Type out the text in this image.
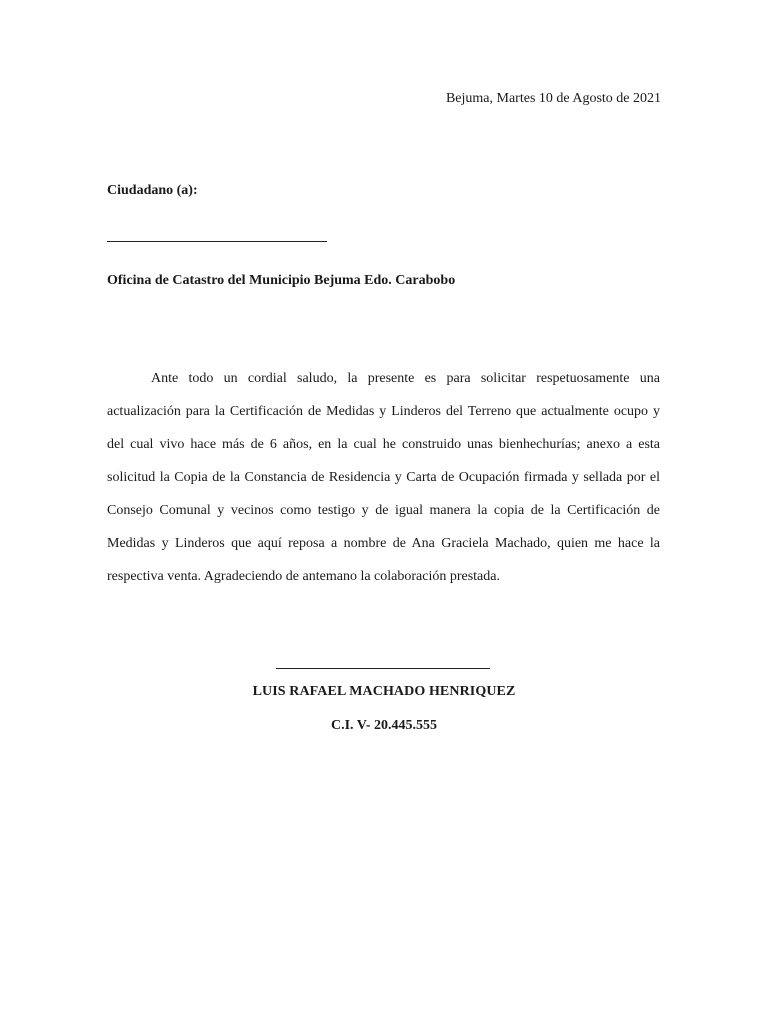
Bejuma, Martes 10 de Agosto de 2021
Ciudadano (a):
Oficina de Catastro del Municipio Bejuma Edo. Carabobo

Ante todo un cordial saludo, la presente es para solicitar respetuosamente una actualización para la Certificación de Medidas y Linderos del Terreno que actualmente ocupo y del cual vivo hace más de 6 años, en la cual he construido unas bienhechurías; anexo a esta solicitud la Copia de la Constancia de Residencia y Carta de Ocupación firmada y sellada por el Consejo Comunal y vecinos como testigo y de igual manera la copia de la Certificación de Medidas y Linderos que aquí reposa a nombre de Ana Graciela Machado, quien me hace la respectiva venta. Agradeciendo de antemano la colaboración prestada.

LUIS RAFAEL MACHADO HENRIQUEZ
C.I. V- 20.445.555
